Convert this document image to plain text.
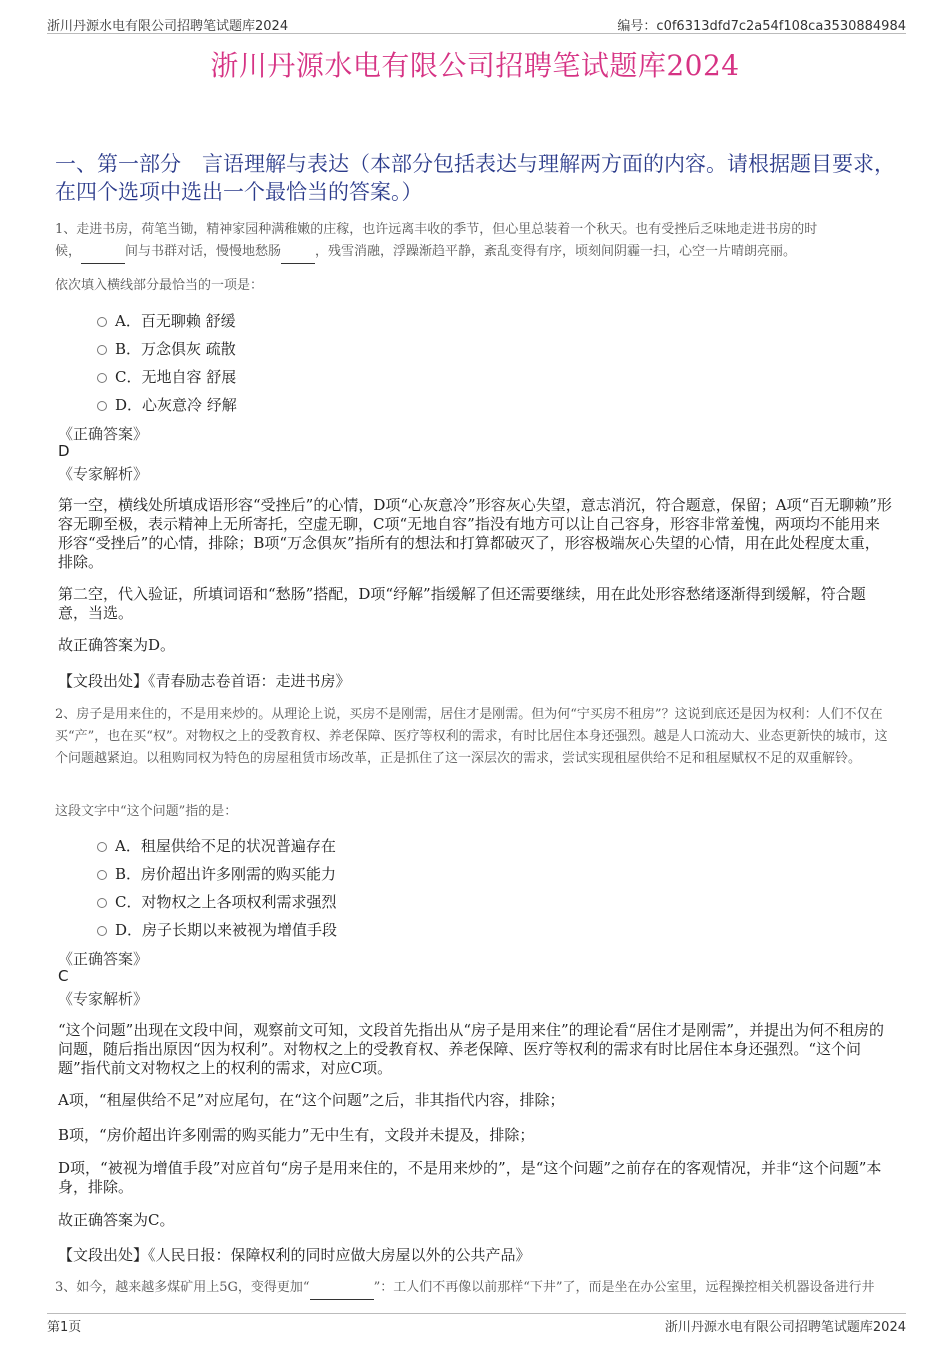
浙川丹源水电有限公司招聘笔试题库2024	编号：c0f6313dfd7c2a54f108ca3530884984
浙川丹源水电有限公司招聘笔试题库2024
一、第一部分　言语理解与表达（本部分包括表达与理解两方面的内容。请根据题目要求，在四个选项中选出一个最恰当的答案。）
1、走进书房，荷笔当锄，精神家园种满稚嫩的庄稼，也许远离丰收的季节，但心里总装着一个秋天。也有受挫后乏味地走进书房的时
候，	间与书群对话，慢慢地愁肠	，残雪消融，浮躁渐趋平静，紊乱变得有序，顷刻间阴霾一扫，心空一片晴朗亮丽。
依次填入横线部分最恰当的一项是：
A．百无聊赖 舒缓
B．万念俱灰 疏散
C．无地自容 舒展
D．心灰意冷 纾解
《正确答案》
D
《专家解析》
第一空，横线处所填成语形容“受挫后”的心情，D项“心灰意冷”形容灰心失望，意志消沉，符合题意，保留；A项“百无聊赖”形容无聊至极，表示精神上无所寄托，空虚无聊，C项“无地自容”指没有地方可以让自己容身，形容非常羞愧，两项均不能用来形容“受挫后”的心情，排除；B项“万念俱灰”指所有的想法和打算都破灭了，形容极端灰心失望的心情，用在此处程度太重，排除。
第二空，代入验证，所填词语和“愁肠”搭配，D项“纾解”指缓解了但还需要继续，用在此处形容愁绪逐渐得到缓解，符合题意，当选。
故正确答案为D。
【文段出处】《青春励志卷首语：走进书房》
2、房子是用来住的，不是用来炒的。从理论上说，买房不是刚需，居住才是刚需。但为何“宁买房不租房”？这说到底还是因为权利：人们不仅在买“产”，也在买“权”。对物权之上的受教育权、养老保障、医疗等权利的需求，有时比居住本身还强烈。越是人口流动大、业态更新快的城市，这个问题越紧迫。以租购同权为特色的房屋租赁市场改革，正是抓住了这一深层次的需求，尝试实现租屋供给不足和租屋赋权不足的双重解铃。
这段文字中“这个问题”指的是：
A．租屋供给不足的状况普遍存在
B．房价超出许多刚需的购买能力
C．对物权之上各项权利需求强烈
D．房子长期以来被视为增值手段
《正确答案》
C
《专家解析》
“这个问题”出现在文段中间，观察前文可知，文段首先指出从“房子是用来住”的理论看“居住才是刚需”，并提出为何不租房的问题，随后指出原因“因为权利”。对物权之上的受教育权、养老保障、医疗等权利的需求有时比居住本身还强烈。“这个问题”指代前文对物权之上的权利的需求，对应C项。
A项，“租屋供给不足”对应尾句，在“这个问题”之后，非其指代内容，排除；
B项，“房价超出许多刚需的购买能力”无中生有，文段并未提及，排除；
D项，“被视为增值手段”对应首句“房子是用来住的，不是用来炒的”，是“这个问题”之前存在的客观情况，并非“这个问题”本身，排除。
故正确答案为C。
【文段出处】《人民日报：保障权利的同时应做大房屋以外的公共产品》
3、如今，越来越多煤矿用上5G，变得更加“	”：工人们不再像以前那样“下井”了，而是坐在办公室里，远程操控相关机器设备进行井
第1页	浙川丹源水电有限公司招聘笔试题库2024
